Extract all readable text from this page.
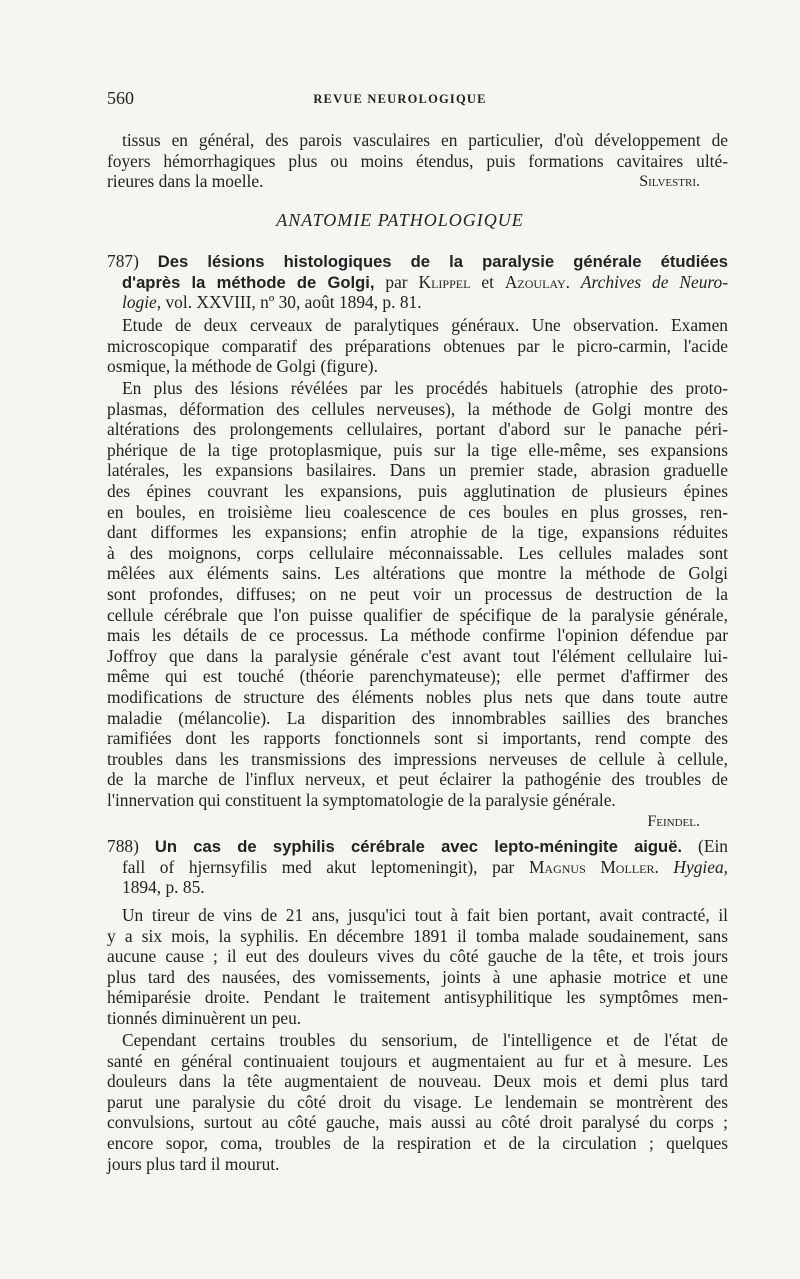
560	REVUE NEUROLOGIQUE
ANATOMIE PATHOLOGIQUE
tissus en général, des parois vasculaires en particulier, d'où développement de
foyers hémorrhagiques plus ou moins étendus, puis formations cavitaires ulté-
rieures dans la moelle.	Silvestri.
787) Des lésions histologiques de la paralysie générale étudiées
d'après la méthode de Golgi, par Klippel et Azoulay. Archives de Neuro-
logie, vol. XXVIII, nº 30, août 1894, p. 81.
Etude de deux cerveaux de paralytiques généraux. Une observation. Examen
microscopique comparatif des préparations obtenues par le picro-carmin, l'acide
osmique, la méthode de Golgi (figure).
En plus des lésions révélées par les procédés habituels (atrophie des proto-
plasmas, déformation des cellules nerveuses), la méthode de Golgi montre des
altérations des prolongements cellulaires, portant d'abord sur le panache péri-
phérique de la tige protoplasmique, puis sur la tige elle-même, ses expansions
latérales, les expansions basilaires. Dans un premier stade, abrasion graduelle
des épines couvrant les expansions, puis agglutination de plusieurs épines
en boules, en troisième lieu coalescence de ces boules en plus grosses, ren-
dant difformes les expansions; enfin atrophie de la tige, expansions réduites
à des moignons, corps cellulaire méconnaissable. Les cellules malades sont
mêlées aux éléments sains. Les altérations que montre la méthode de Golgi
sont profondes, diffuses; on ne peut voir un processus de destruction de la
cellule cérébrale que l'on puisse qualifier de spécifique de la paralysie générale,
mais les détails de ce processus. La méthode confirme l'opinion défendue par
Joffroy que dans la paralysie générale c'est avant tout l'élément cellulaire lui-
même qui est touché (théorie parenchymateuse); elle permet d'affirmer des
modifications de structure des éléments nobles plus nets que dans toute autre
maladie (mélancolie). La disparition des innombrables saillies des branches
ramifiées dont les rapports fonctionnels sont si importants, rend compte des
troubles dans les transmissions des impressions nerveuses de cellule à cellule,
de la marche de l'influx nerveux, et peut éclairer la pathogénie des troubles de
l'innervation qui constituent la symptomatologie de la paralysie générale.
Feindel.
788) Un cas de syphilis cérébrale avec lepto-méningite aiguë. (Ein
fall of hjernsyfilis med akut leptomeningit), par Magnus Moller. Hygiea,
1894, p. 85.
Un tireur de vins de 21 ans, jusqu'ici tout à fait bien portant, avait contracté, il
y a six mois, la syphilis. En décembre 1891 il tomba malade soudainement, sans
aucune cause ; il eut des douleurs vives du côté gauche de la tête, et trois jours
plus tard des nausées, des vomissements, joints à une aphasie motrice et une
hémiparésie droite. Pendant le traitement antisyphilitique les symptômes men-
tionnés diminuèrent un peu.
Cependant certains troubles du sensorium, de l'intelligence et de l'état de
santé en général continuaient toujours et augmentaient au fur et à mesure. Les
douleurs dans la tête augmentaient de nouveau. Deux mois et demi plus tard
parut une paralysie du côté droit du visage. Le lendemain se montrèrent des
convulsions, surtout au côté gauche, mais aussi au côté droit paralysé du corps ;
encore sopor, coma, troubles de la respiration et de la circulation ; quelques
jours plus tard il mourut.
